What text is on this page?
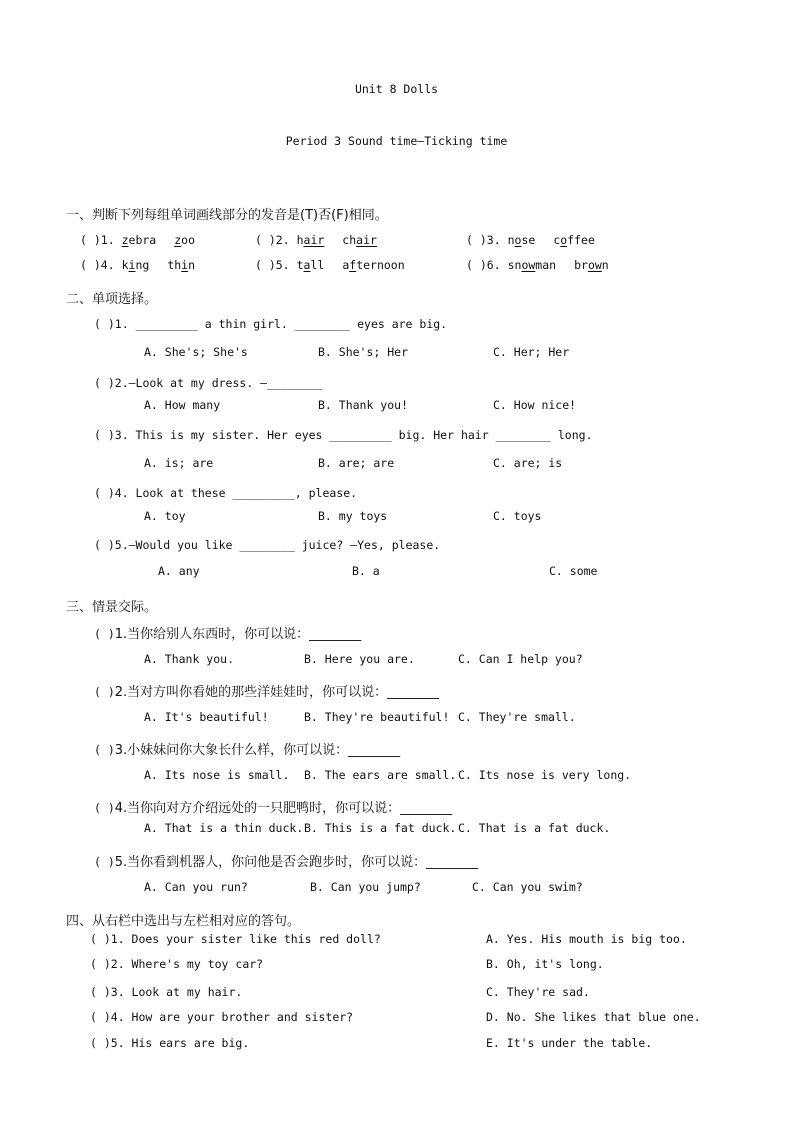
Unit 8 Dolls
Period 3 Sound time—Ticking time
一、判断下列每组单词画线部分的发音是(T)否(F)相同。
( )1. zebra zoo	( )2. hair chair	( )3. nose coffee
( )4. king thin	( )5. tall afternoon	( )6. snowman brown
二、单项选择。
( )1. _________ a thin girl. ________ eyes are big.
A. She's; She's	B. She's; Her	C. Her; Her
( )2.—Look at my dress. —________
A. How many	B. Thank you!	C. How nice!
( )3. This is my sister. Her eyes _________ big. Her hair ________ long.
A. is; are	B. are; are	C. are; is
( )4. Look at these _________, please.
A. toy	B. my toys	C. toys
( )5.—Would you like ________ juice? —Yes, please.
A. any	B. a	C. some
三、情景交际。
( )1.当你给别人东西时，你可以说：________
A. Thank you.	B. Here you are.	C. Can I help you?
( )2.当对方叫你看她的那些洋娃娃时，你可以说：________
A. It's beautiful!	B. They're beautiful! C. They're small.
( )3.小妹妹问你大象长什么样，你可以说：________
A. Its nose is small. B. The ears are small. C. Its nose is very long.
( )4.当你向对方介绍远处的一只肥鸭时，你可以说：________
A. That is a thin duck. B. This is a fat duck. C. That is a fat duck.
( )5.当你看到机器人，你问他是否会跑步时，你可以说：________
A. Can you run?	B. Can you jump?	C. Can you swim?
四、从右栏中选出与左栏相对应的答句。
( )1. Does your sister like this red doll?	A. Yes. His mouth is big too.
( )2. Where's my toy car?	B. Oh, it's long.
( )3. Look at my hair.	C. They're sad.
( )4. How are your brother and sister?	D. No. She likes that blue one.
( )5. His ears are big.	E. It's under the table.
